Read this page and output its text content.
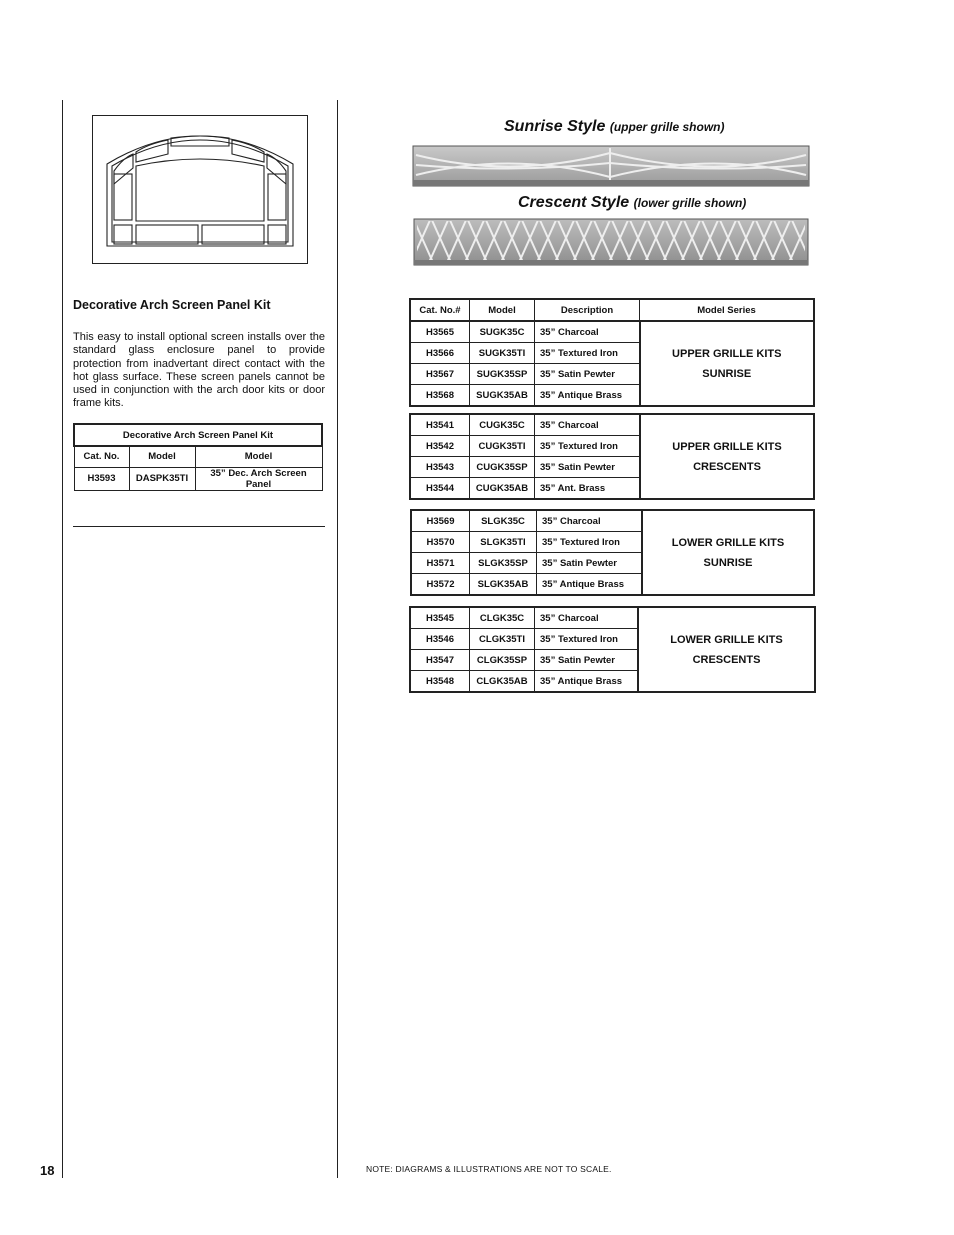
Decorative Arch Screen Panel Kit
This easy to install optional screen installs over the standard glass enclosure panel to provide protection from inadvertant direct contact with the hot glass surface. These screen panels cannot be used in conjunction with the arch door kits or door frame kits.
Decorative Arch Screen Panel Kit		
Cat. No.	Model	Model
H3593	DASPK35TI	35” Dec. Arch Screen Panel
Sunrise Style (upper grille shown)
Crescent Style (lower grille shown)
Cat. No.#	Model	Description	Model Series
H3565	SUGK35C	35” Charcoal	UPPER GRILLE KITS
SUNRISE

H3566	SUGK35TI	35” Textured Iron	
H3567	SUGK35SP	35” Satin Pewter	
H3568	SUGK35AB	35” Antique Brass	
H3541	CUGK35C	35” Charcoal	UPPER GRILLE KITS
CRESCENTS

H3542	CUGK35TI	35” Textured Iron	
H3543	CUGK35SP	35” Satin Pewter	
H3544	CUGK35AB	35” Ant. Brass	
H3569	SLGK35C	35” Charcoal	LOWER GRILLE KITS
SUNRISE

H3570	SLGK35TI	35” Textured Iron	
H3571	SLGK35SP	35” Satin Pewter	
H3572	SLGK35AB	35” Antique Brass	
H3545	CLGK35C	35” Charcoal	LOWER GRILLE KITS
CRESCENTS

H3546	CLGK35TI	35” Textured Iron	
H3547	CLGK35SP	35” Satin Pewter	
H3548	CLGK35AB	35” Antique Brass	
18	NOTE: DIAGRAMS & ILLUSTRATIONS ARE NOT TO SCALE.
